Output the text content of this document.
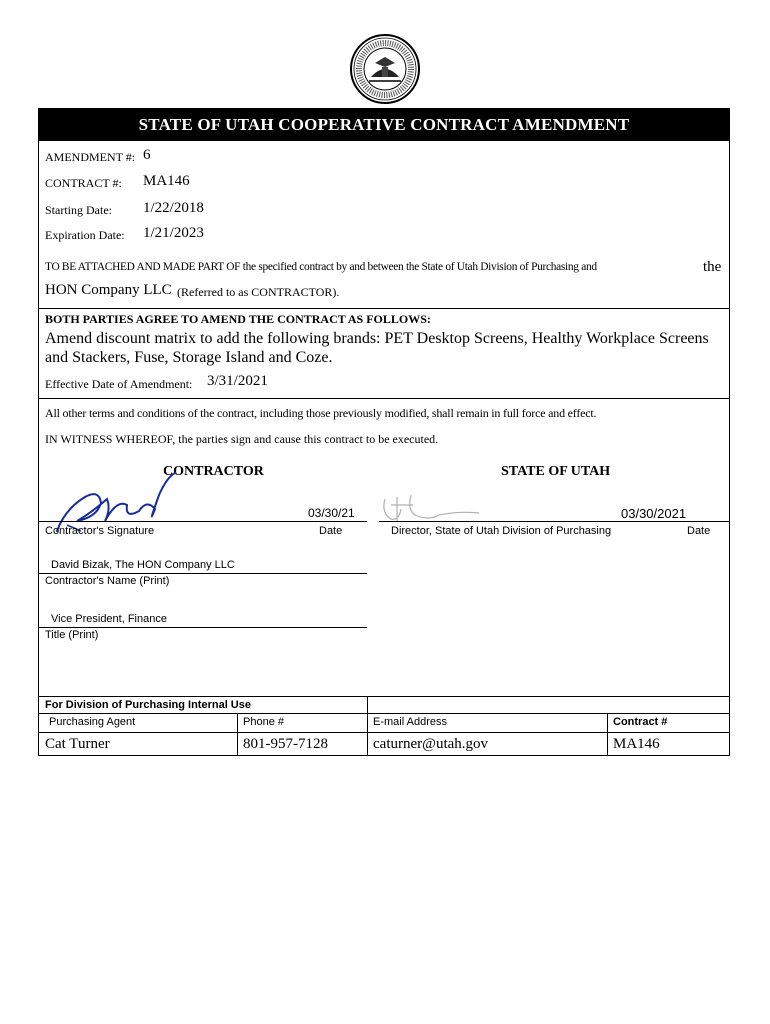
STATE OF UTAH COOPERATIVE CONTRACT AMENDMENT
AMENDMENT #: 6
CONTRACT #: MA146
Starting Date: 1/22/2018
Expiration Date: 1/21/2023
TO BE ATTACHED AND MADE PART OF the specified contract by and between the State of Utah Division of Purchasing and	the
HON Company LLC (Referred to as CONTRACTOR).
BOTH PARTIES AGREE TO AMEND THE CONTRACT AS FOLLOWS:
Amend discount matrix to add the following brands: PET Desktop Screens, Healthy Workplace Screens and Stackers, Fuse, Storage Island and Coze.
Effective Date of Amendment: 3/31/2021
All other terms and conditions of the contract, including those previously modified, shall remain in full force and effect.
IN WITNESS WHEREOF, the parties sign and cause this contract to be executed.
CONTRACTOR	STATE OF UTAH
03/30/21	03/30/2021
Contractor's Signature	Date	Director, State of Utah Division of Purchasing	Date
David Bizak, The HON Company LLC
Contractor's Name (Print)
Vice President, Finance
Title (Print)
For Division of Purchasing Internal Use
Purchasing Agent	Phone #	E-mail Address	Contract #
Cat Turner	801-957-7128	caturner@utah.gov	MA146
